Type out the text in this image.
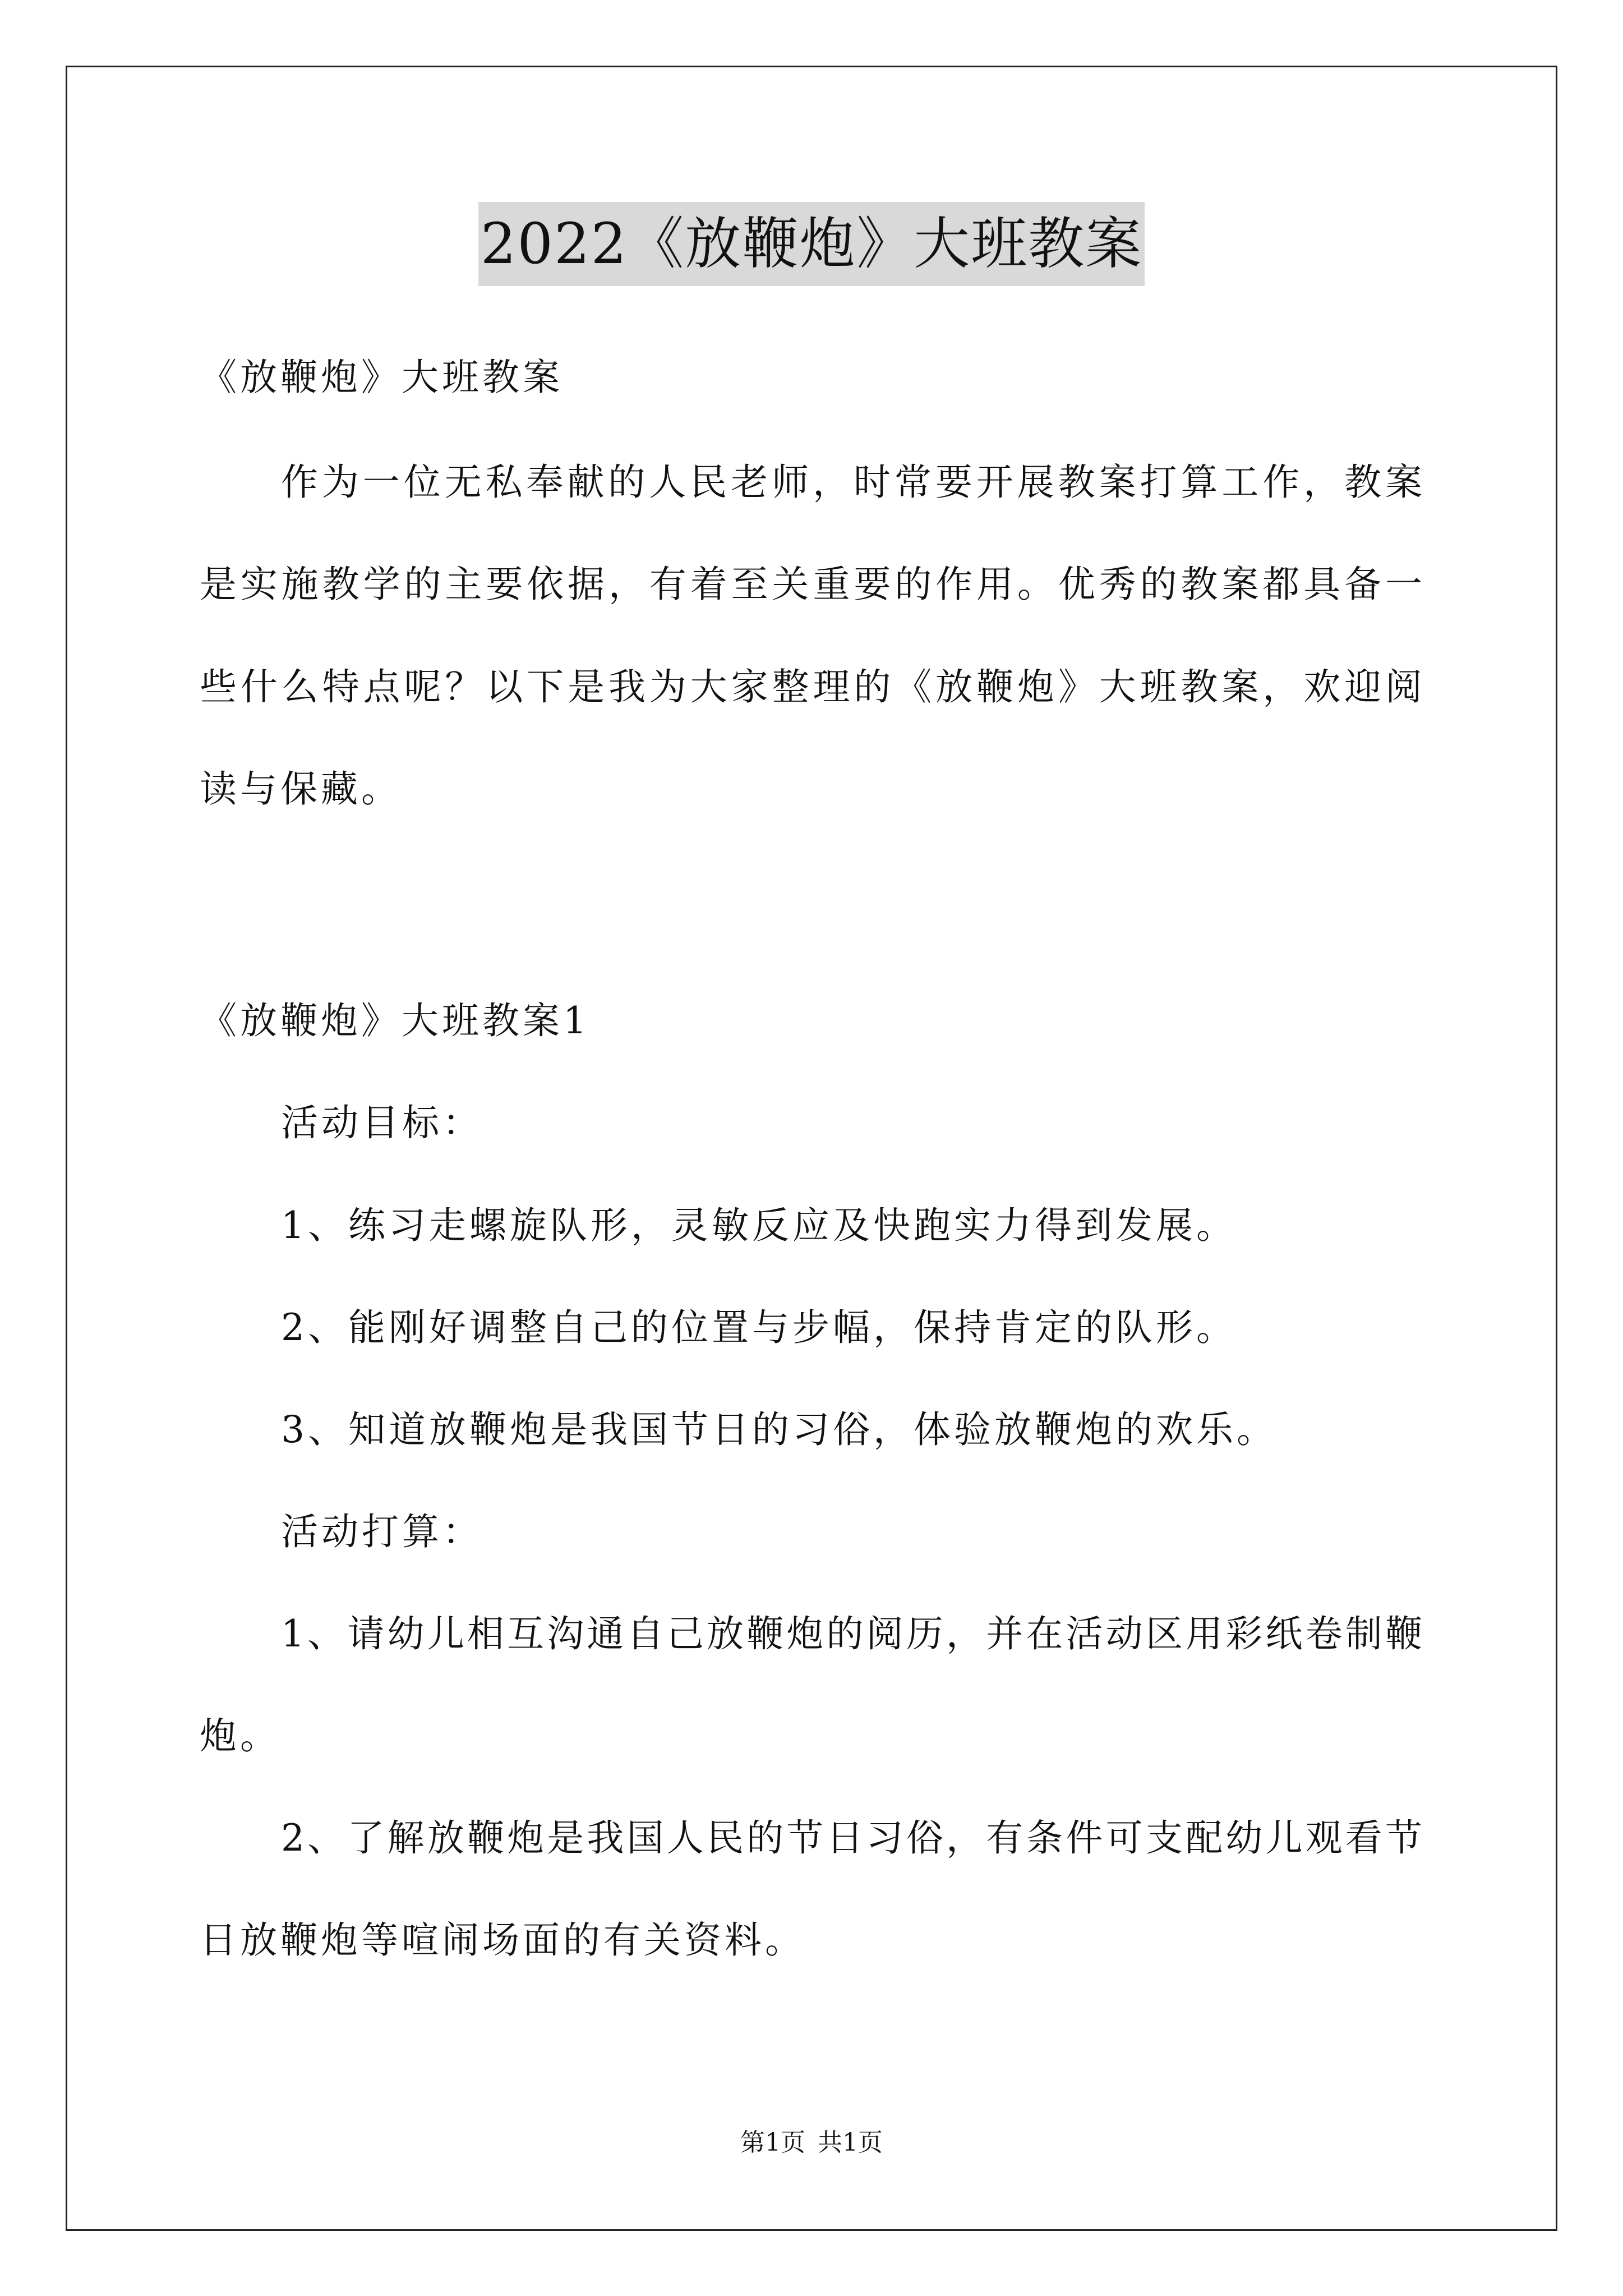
2022《放鞭炮》大班教案
《放鞭炮》大班教案
作为一位无私奉献的人民老师，时常要开展教案打算工作，教案
是实施教学的主要依据，有着至关重要的作用。优秀的教案都具备一
些什么特点呢？以下是我为大家整理的《放鞭炮》大班教案，欢迎阅
读与保藏。
《放鞭炮》大班教案1
活动目标：
1、练习走螺旋队形，灵敏反应及快跑实力得到发展。
2、能刚好调整自己的位置与步幅，保持肯定的队形。
3、知道放鞭炮是我国节日的习俗，体验放鞭炮的欢乐。
活动打算：
1、请幼儿相互沟通自己放鞭炮的阅历，并在活动区用彩纸卷制鞭
炮。
2、了解放鞭炮是我国人民的节日习俗，有条件可支配幼儿观看节
日放鞭炮等喧闹场面的有关资料。
第1页 共1页
